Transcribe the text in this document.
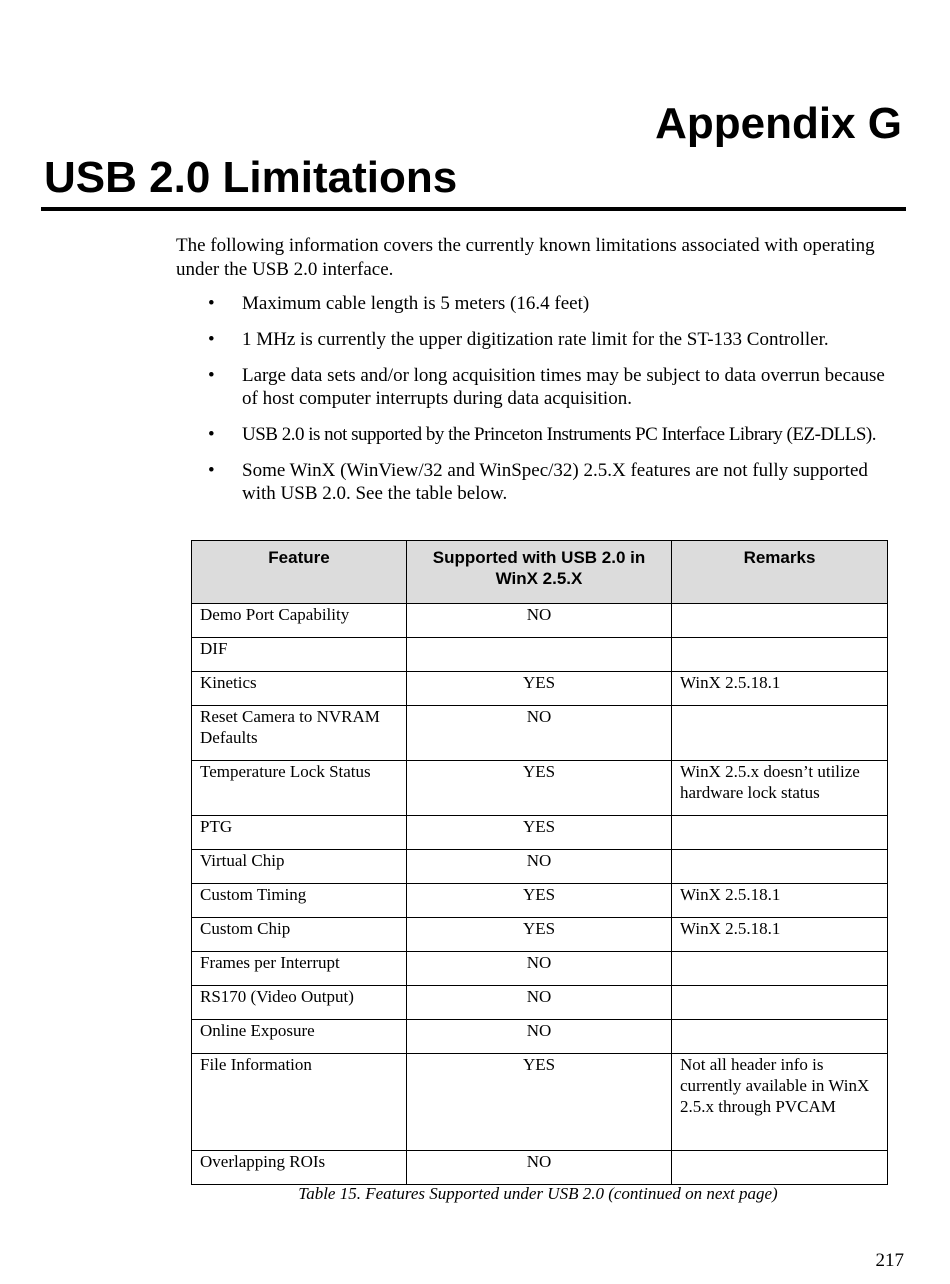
Appendix G
USB 2.0 Limitations
The following information covers the currently known limitations associated with operating under the USB 2.0 interface.
• Maximum cable length is 5 meters (16.4 feet)
• 1 MHz is currently the upper digitization rate limit for the ST-133 Controller.
• Large data sets and/or long acquisition times may be subject to data overrun because of host computer interrupts during data acquisition.
• USB 2.0 is not supported by the Princeton Instruments PC Interface Library (EZ-DLLS).
• Some WinX (WinView/32 and WinSpec/32) 2.5.X features are not fully supported with USB 2.0. See the table below.
Feature	Supported with USB 2.0 in WinX 2.5.X	Remarks
Demo Port Capability	NO	
DIF		
Kinetics	YES	WinX 2.5.18.1
Reset Camera to NVRAM Defaults	NO	
Temperature Lock Status	YES	WinX 2.5.x doesn’t utilize hardware lock status
PTG	YES	
Virtual Chip	NO	
Custom Timing	YES	WinX 2.5.18.1
Custom Chip	YES	WinX 2.5.18.1
Frames per Interrupt	NO	
RS170 (Video Output)	NO	
Online Exposure	NO	
File Information	YES	Not all header info is currently available in WinX 2.5.x through PVCAM
Overlapping ROIs	NO	
Table 15. Features Supported under USB 2.0 (continued on next page)
217
